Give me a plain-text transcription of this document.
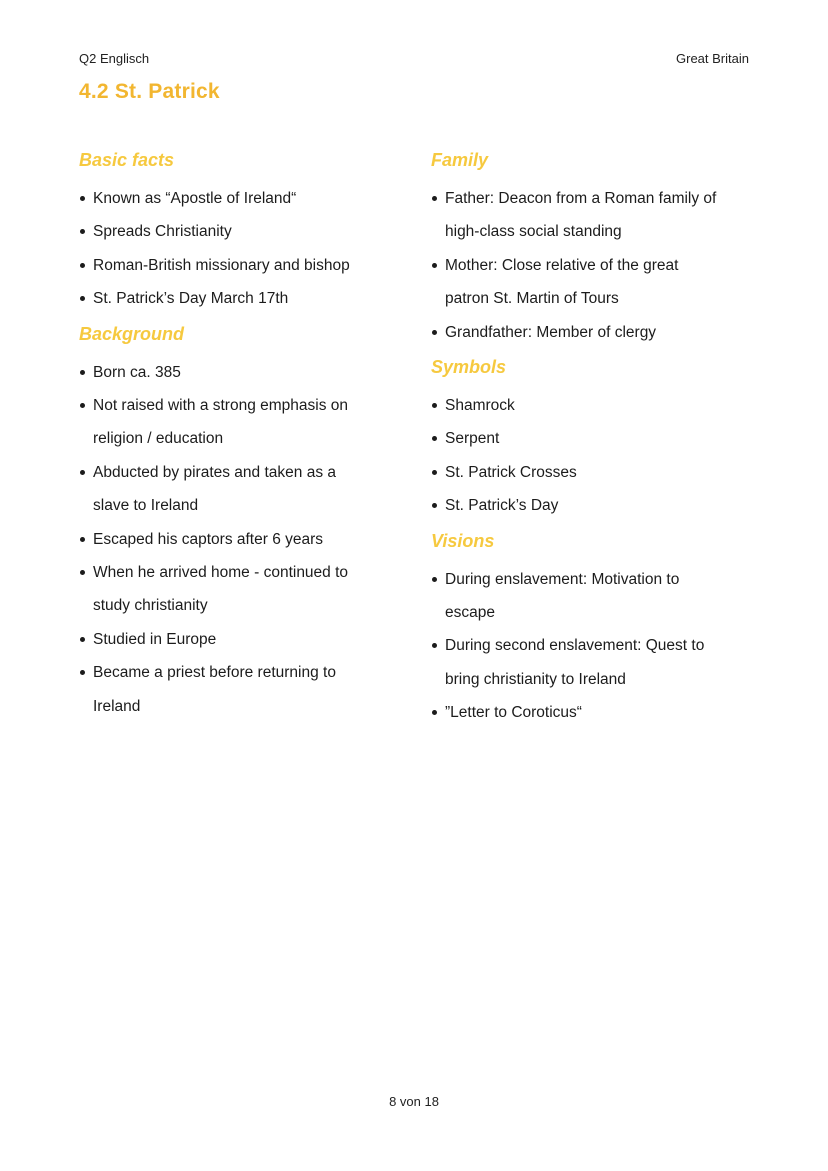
Q2 Englisch	Great Britain
4.2 St. Patrick
Basic facts
Known as “Apostle of Ireland“
Spreads Christianity
Roman-British missionary and bishop
St. Patrick’s Day March 17th
Background
Born ca. 385
Not raised with a strong emphasis on
religion / education
Abducted by pirates and taken as a
slave to Ireland
Escaped his captors after 6 years
When he arrived home - continued to
study christianity
Studied in Europe
Became a priest before returning to
Ireland
Family
Father: Deacon from a Roman family of
high-class social standing
Mother: Close relative of the great
patron St. Martin of Tours
Grandfather: Member of clergy
Symbols
Shamrock
Serpent
St. Patrick Crosses
St. Patrick’s Day
Visions
During enslavement: Motivation to
escape
During second enslavement: Quest to
bring christianity to Ireland
”Letter to Coroticus“
8 von 18
